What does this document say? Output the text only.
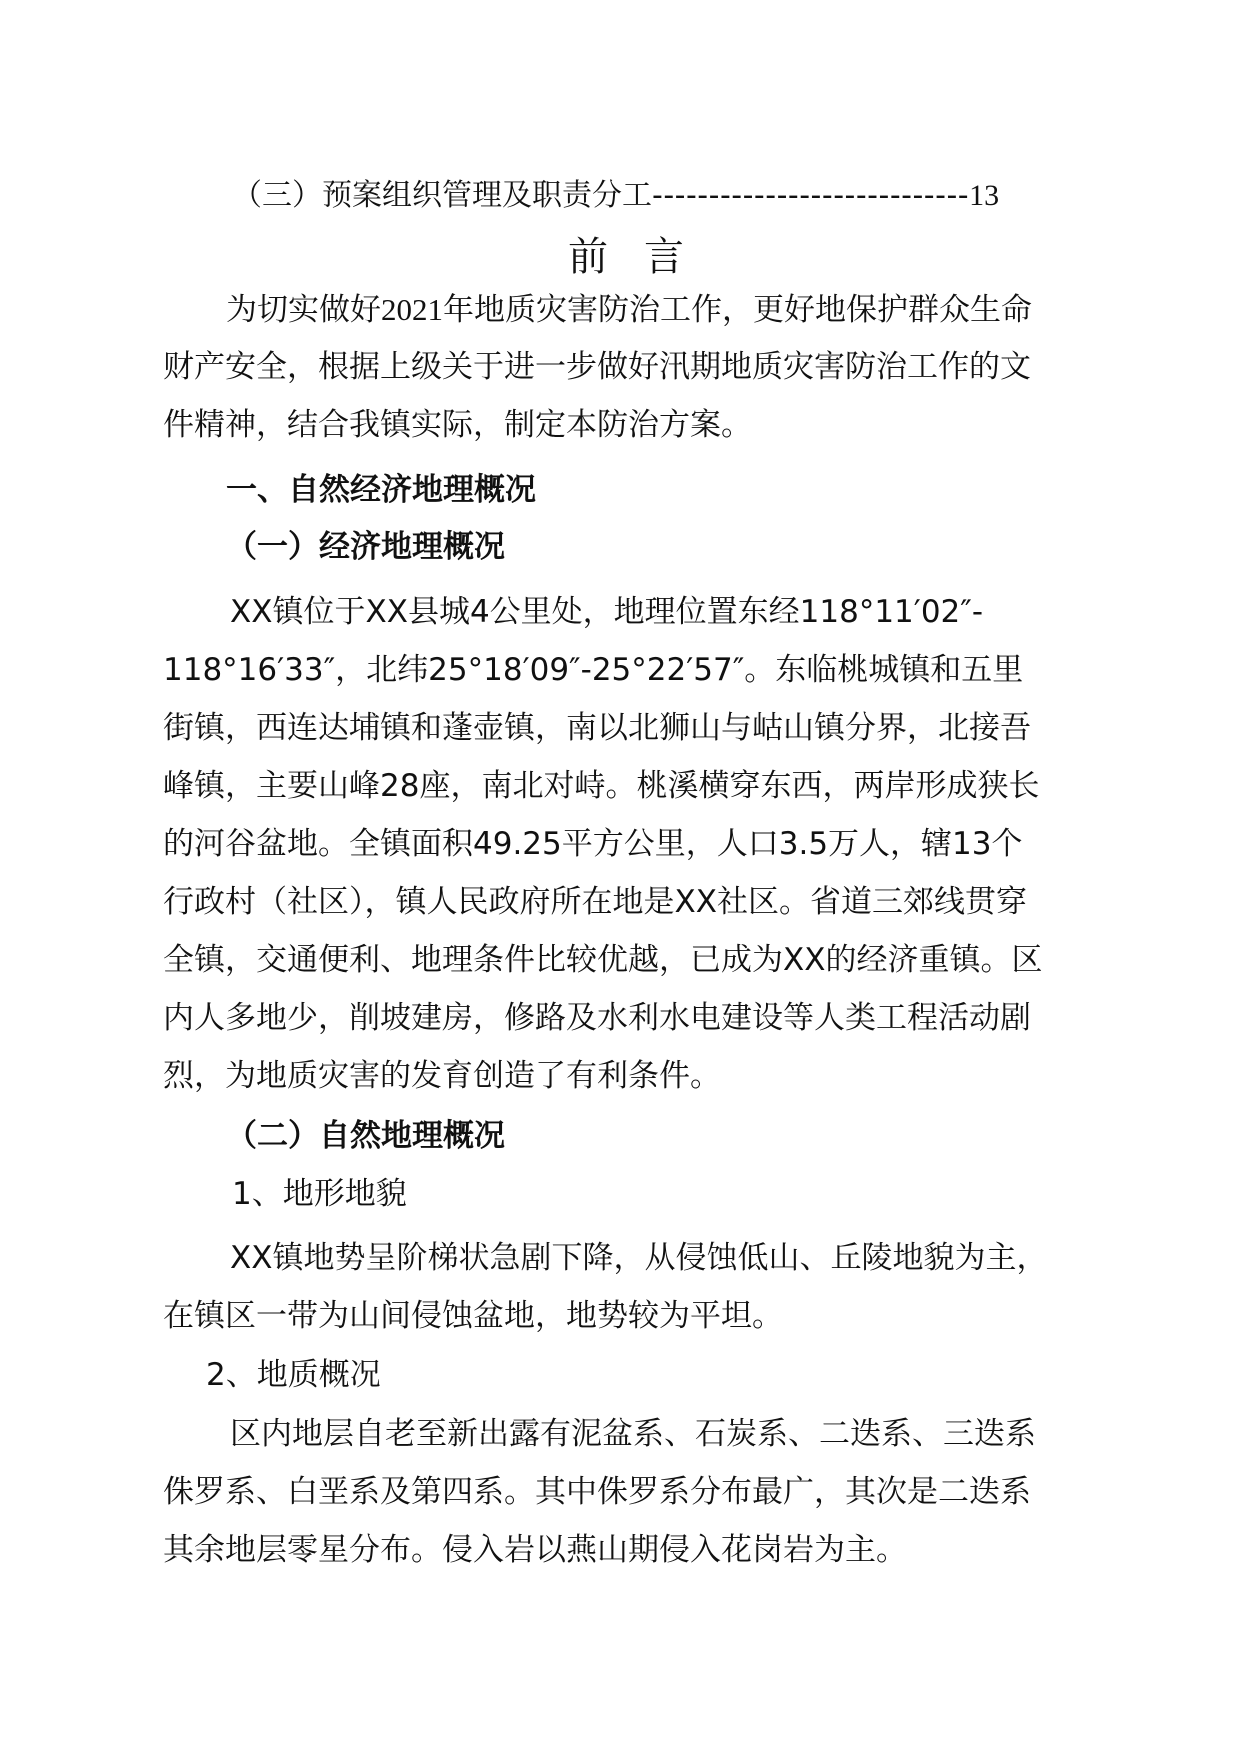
（三）预案组织管理及职责分工----------------------------13
前言
为切实做好2021年地质灾害防治工作，更好地保护群众生命
财产安全，根据上级关于进一步做好汛期地质灾害防治工作的文
件精神，结合我镇实际，制定本防治方案。
一、自然经济地理概况
（一）经济地理概况
XX镇位于XX县城4公里处，地理位置东经118°11′02″-
118°16′33″，北纬25°18′09″-25°22′57″。东临桃城镇和五里
街镇，西连达埔镇和蓬壶镇，南以北狮山与岵山镇分界，北接吾
峰镇，主要山峰28座，南北对峙。桃溪横穿东西，两岸形成狭长
的河谷盆地。全镇面积49.25平方公里，人口3.5万人，辖13个
行政村（社区），镇人民政府所在地是XX社区。省道三郊线贯穿
全镇，交通便利、地理条件比较优越，已成为XX的经济重镇。区
内人多地少，削坡建房，修路及水利水电建设等人类工程活动剧
烈，为地质灾害的发育创造了有利条件。
（二）自然地理概况
1、地形地貌
XX镇地势呈阶梯状急剧下降，从侵蚀低山、丘陵地貌为主，
在镇区一带为山间侵蚀盆地，地势较为平坦。
2、地质概况
区内地层自老至新出露有泥盆系、石炭系、二迭系、三迭系
侏罗系、白垩系及第四系。其中侏罗系分布最广，其次是二迭系
其余地层零星分布。侵入岩以燕山期侵入花岗岩为主。
